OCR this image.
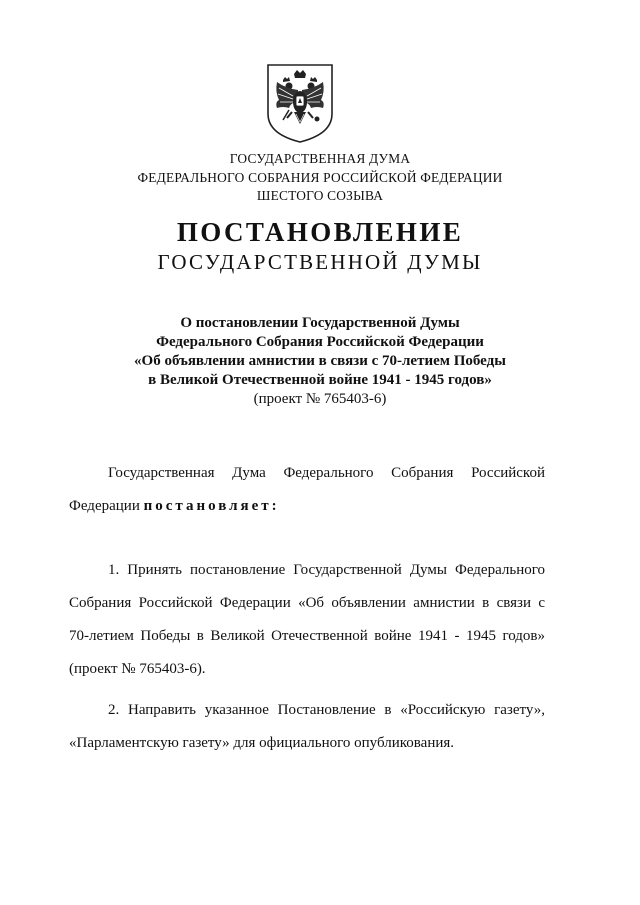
ГОСУДАРСТВЕННАЯ ДУМА
ФЕДЕРАЛЬНОГО СОБРАНИЯ РОССИЙСКОЙ ФЕДЕРАЦИИ
ШЕСТОГО СОЗЫВА
ПОСТАНОВЛЕНИЕ
ГОСУДАРСТВЕННОЙ ДУМЫ
О постановлении Государственной Думы
Федерального Собрания Российской Федерации
«Об объявлении амнистии в связи с 70-летием Победы
в Великой Отечественной войне 1941 - 1945 годов»
(проект № 765403-6)
Государственная Дума Федерального Собрания Российской
Федерации постановляет:
1. Принять постановление Государственной Думы Федерального
Собрания Российской Федерации «Об объявлении амнистии в связи с
70-летием Победы в Великой Отечественной войне 1941 - 1945 годов»
(проект № 765403-6).
2. Направить указанное Постановление в «Российскую газету»,
«Парламентскую газету» для официального опубликования.
